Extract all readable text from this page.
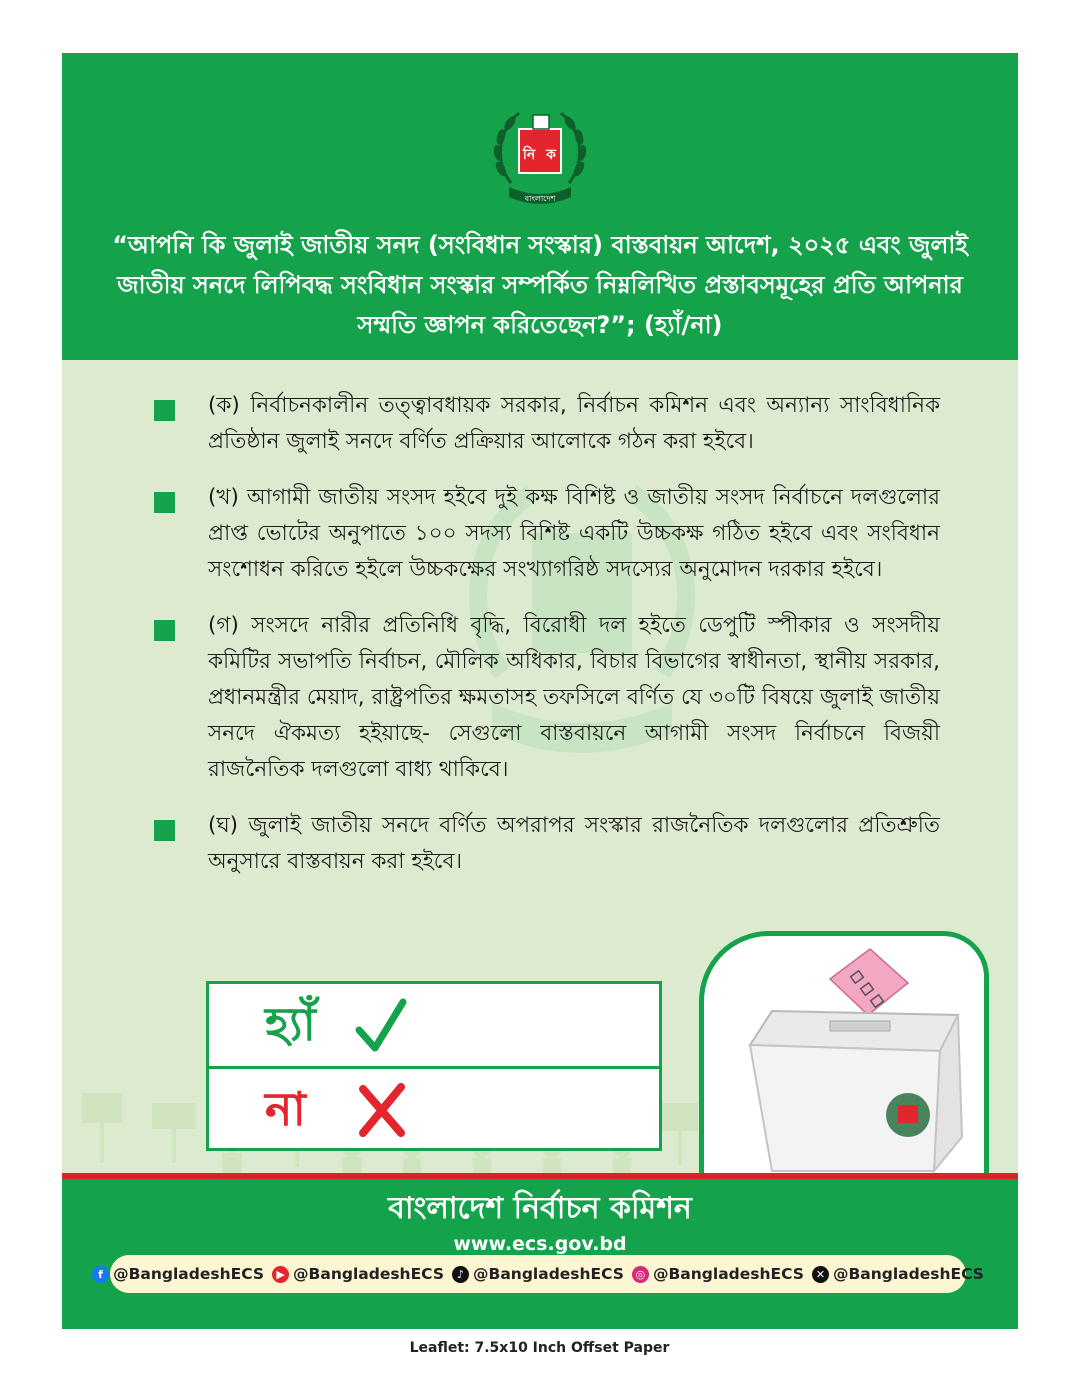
নি ক
বাংলাদেশ

“আপনি কি জুলাই জাতীয় সনদ (সংবিধান সংস্কার) বাস্তবায়ন আদেশ, ২০২৫ এবং জুলাই জাতীয় সনদে লিপিবদ্ধ সংবিধান সংস্কার সম্পর্কিত নিম্নলিখিত প্রস্তাবসমূহের প্রতি আপনার সম্মতি জ্ঞাপন করিতেছেন?”; (হ্যাঁ/না)

(ক) নির্বাচনকালীন তত্ত্বাবধায়ক সরকার, নির্বাচন কমিশন এবং অন্যান্য সাংবিধানিক প্রতিষ্ঠান জুলাই সনদে বর্ণিত প্রক্রিয়ার আলোকে গঠন করা হইবে।
(খ) আগামী জাতীয় সংসদ হইবে দুই কক্ষ বিশিষ্ট ও জাতীয় সংসদ নির্বাচনে দলগুলোর প্রাপ্ত ভোটের অনুপাতে ১০০ সদস্য বিশিষ্ট একটি উচ্চকক্ষ গঠিত হইবে এবং সংবিধান সংশোধন করিতে হইলে উচ্চকক্ষের সংখ্যাগরিষ্ঠ সদস্যের অনুমোদন দরকার হইবে।
(গ) সংসদে নারীর প্রতিনিধি বৃদ্ধি, বিরোধী দল হইতে ডেপুটি স্পীকার ও সংসদীয় কমিটির সভাপতি নির্বাচন, মৌলিক অধিকার, বিচার বিভাগের স্বাধীনতা, স্থানীয় সরকার, প্রধানমন্ত্রীর মেয়াদ, রাষ্ট্রপতির ক্ষমতাসহ তফসিলে বর্ণিত যে ৩০টি বিষয়ে জুলাই জাতীয় সনদে ঐকমত্য হইয়াছে- সেগুলো বাস্তবায়নে আগামী সংসদ নির্বাচনে বিজয়ী রাজনৈতিক দলগুলো বাধ্য থাকিবে।
(ঘ) জুলাই জাতীয় সনদে বর্ণিত অপরাপর সংস্কার রাজনৈতিক দলগুলোর প্রতিশ্রুতি অনুসারে বাস্তবায়ন করা হইবে।
হ্যাঁ
না

বাংলাদেশ নির্বাচন কমিশন

www.ecs.gov.bd
f @BangladeshECS	▶ @BangladeshECS	♪ @BangladeshECS	◎ @BangladeshECS	✕ @BangladeshECS
Leaflet: 7.5x10 Inch Offset Paper
